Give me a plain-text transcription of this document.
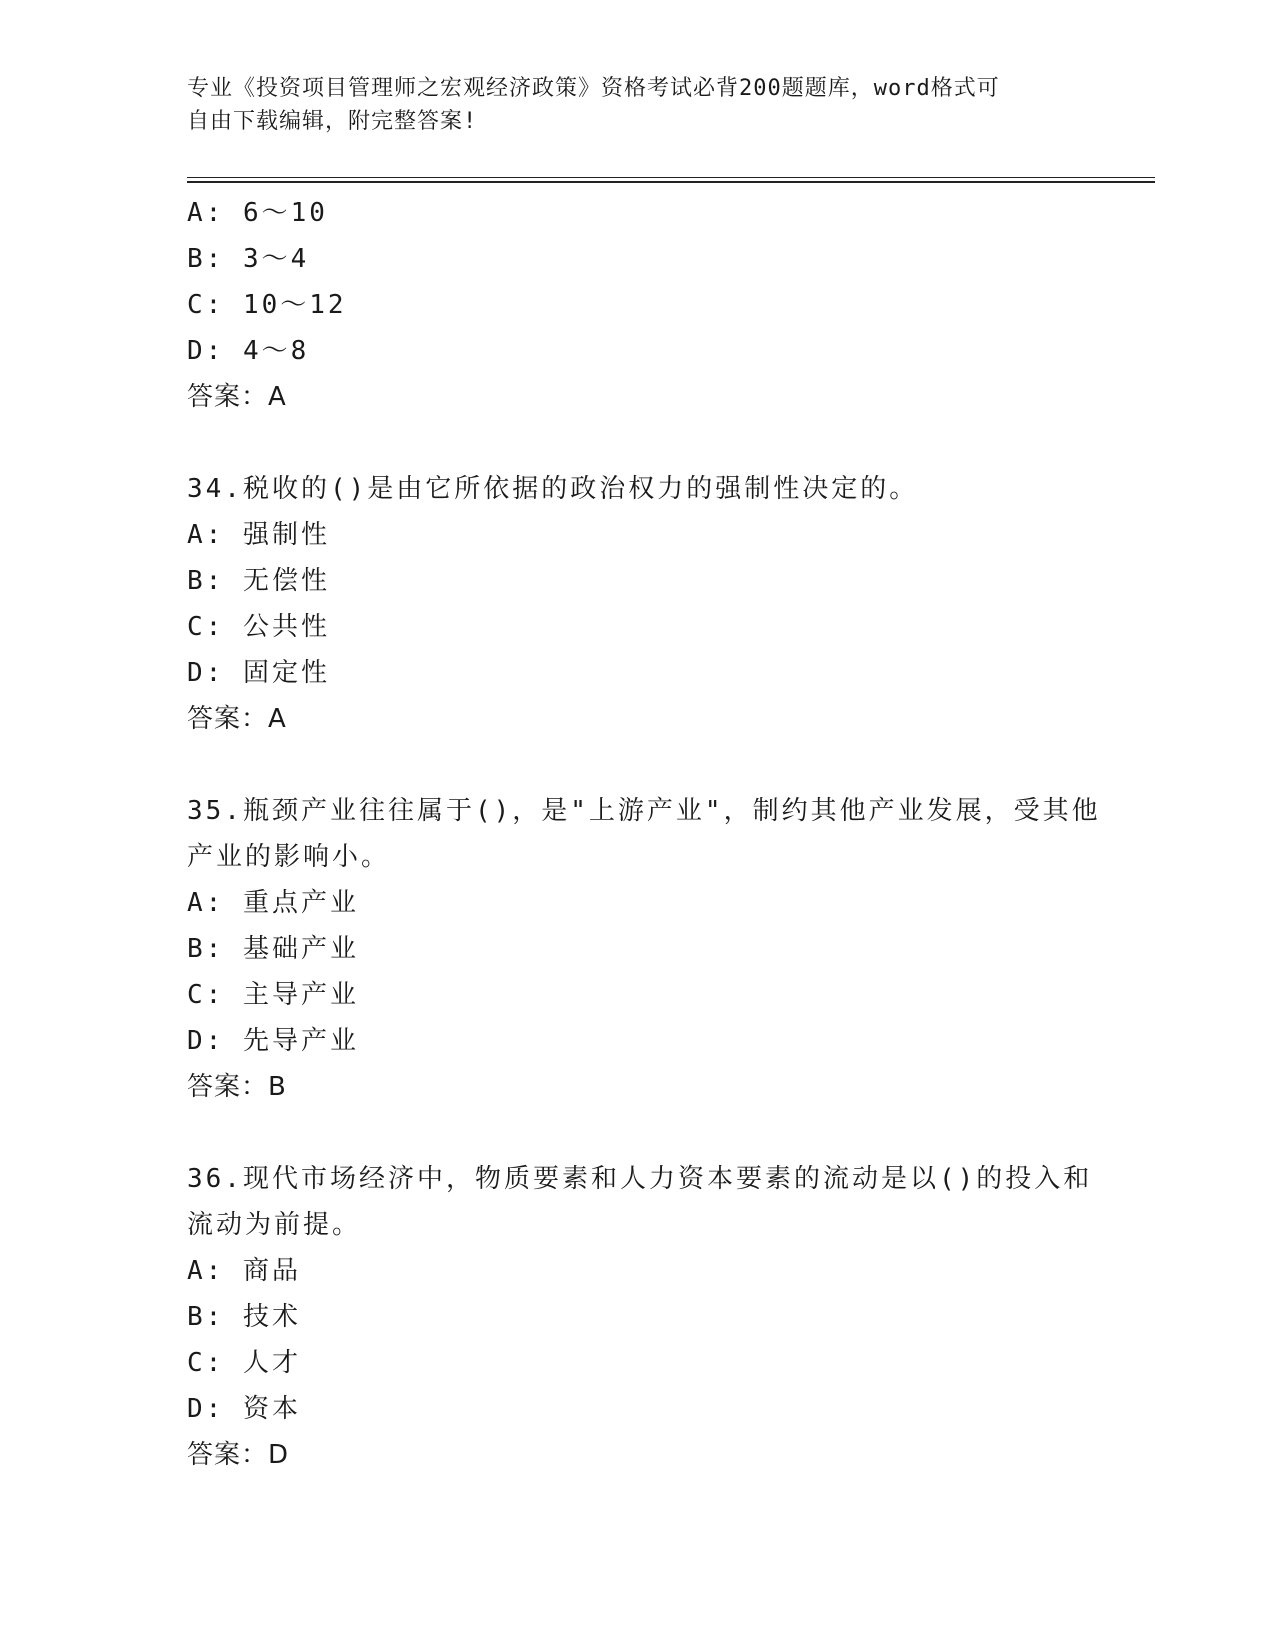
专业《投资项目管理师之宏观经济政策》资格考试必背200题题库，word格式可
自由下载编辑，附完整答案!
A: 6～10
B: 3～4
C: 10～12
D: 4～8
答案：A
34.税收的()是由它所依据的政治权力的强制性决定的。
A: 强制性
B: 无偿性
C: 公共性
D: 固定性
答案：A
35.瓶颈产业往往属于()，是"上游产业"，制约其他产业发展，受其他
产业的影响小。
A: 重点产业
B: 基础产业
C: 主导产业
D: 先导产业
答案：B
36.现代市场经济中，物质要素和人力资本要素的流动是以()的投入和
流动为前提。
A: 商品
B: 技术
C: 人才
D: 资本
答案：D
